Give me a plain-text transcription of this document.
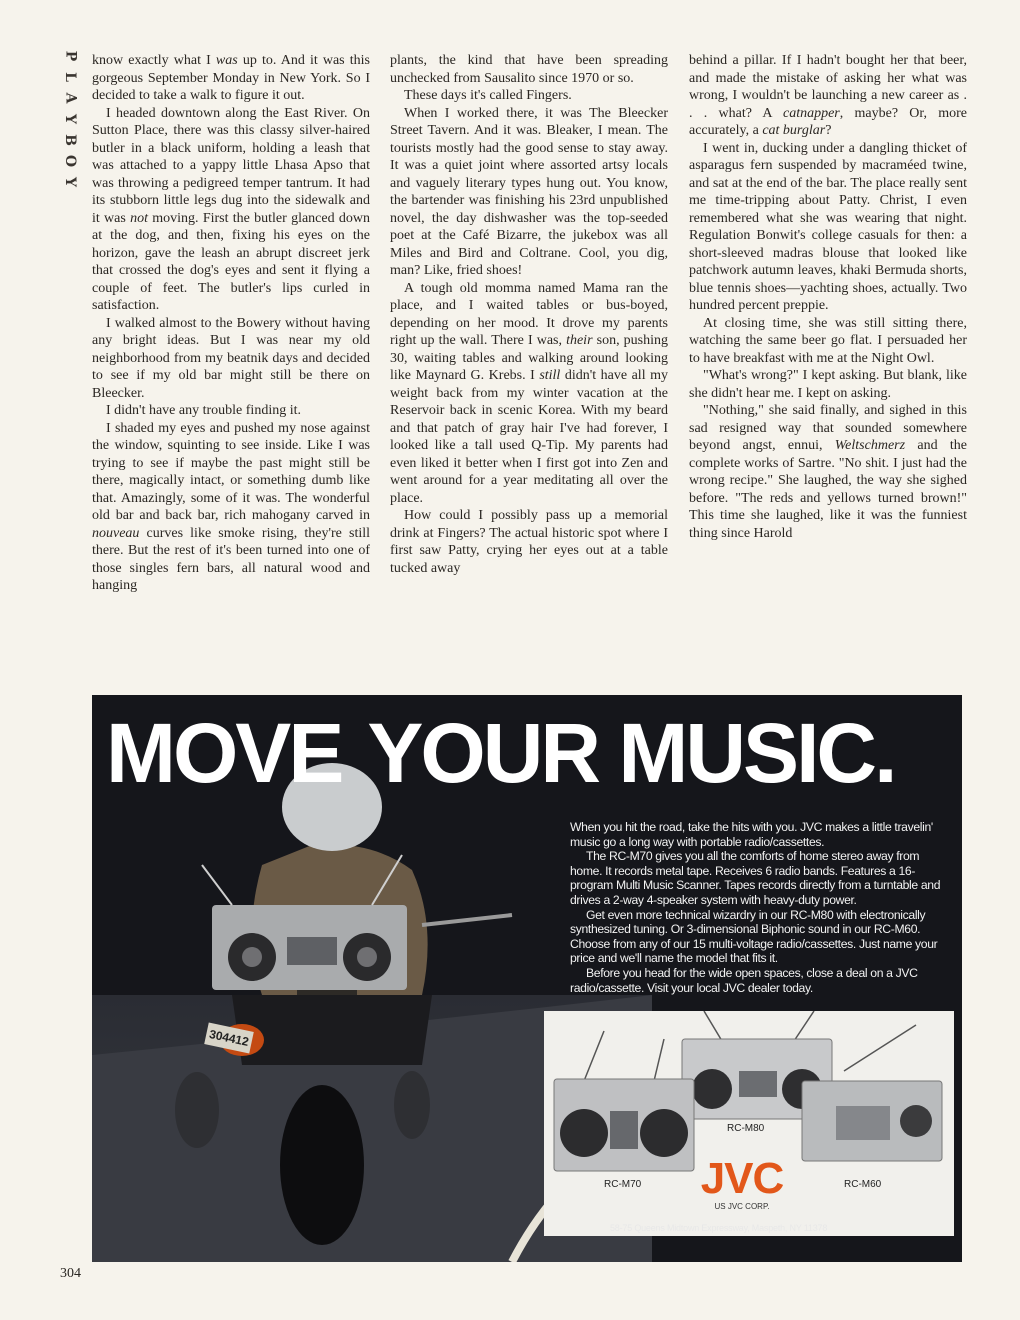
P
L
A
Y
B
O
Y

know exactly what I was up to. And it was this gorgeous September Monday in New York. So I decided to take a walk to figure it out.

I headed downtown along the East River. On Sutton Place, there was this classy silver-haired butler in a black uniform, holding a leash that was attached to a yappy little Lhasa Apso that was throwing a pedigreed temper tantrum. It had its stubborn little legs dug into the sidewalk and it was not moving. First the butler glanced down at the dog, and then, fixing his eyes on the horizon, gave the leash an abrupt discreet jerk that crossed the dog's eyes and sent it flying a couple of feet. The butler's lips curled in satisfaction.

I walked almost to the Bowery without having any bright ideas. But I was near my old neighborhood from my beatnik days and decided to see if my old bar might still be there on Bleecker.

I didn't have any trouble finding it.

I shaded my eyes and pushed my nose against the window, squinting to see inside. Like I was trying to see if maybe the past might still be there, magically intact, or something dumb like that. Amazingly, some of it was. The wonderful old bar and back bar, rich mahogany carved in nouveau curves like smoke rising, they're still there. But the rest of it's been turned into one of those singles fern bars, all natural wood and hanging

plants, the kind that have been spreading unchecked from Sausalito since 1970 or so.

These days it's called Fingers.

When I worked there, it was The Bleecker Street Tavern. And it was. Bleaker, I mean. The tourists mostly had the good sense to stay away. It was a quiet joint where assorted artsy locals and vaguely literary types hung out. You know, the bartender was finishing his 23rd unpublished novel, the day dishwasher was the top-seeded poet at the Café Bizarre, the jukebox was all Miles and Bird and Coltrane. Cool, you dig, man? Like, fried shoes!

A tough old momma named Mama ran the place, and I waited tables or bus-boyed, depending on her mood. It drove my parents right up the wall. There I was, their son, pushing 30, waiting tables and walking around looking like Maynard G. Krebs. I still didn't have all my weight back from my winter vacation at the Reservoir back in scenic Korea. With my beard and that patch of gray hair I've had forever, I looked like a tall used Q-Tip. My parents had even liked it better when I first got into Zen and went around for a year meditating all over the place.

How could I possibly pass up a memorial drink at Fingers? The actual historic spot where I first saw Patty, crying her eyes out at a table tucked away

behind a pillar. If I hadn't bought her that beer, and made the mistake of asking her what was wrong, I wouldn't be launching a new career as . . . what? A catnapper, maybe? Or, more accurately, a cat burglar?

I went in, ducking under a dangling thicket of asparagus fern suspended by macraméed twine, and sat at the end of the bar. The place really sent me time-tripping about Patty. Christ, I even remembered what she was wearing that night. Regulation Bonwit's college casuals for then: a short-sleeved madras blouse that looked like patchwork autumn leaves, khaki Bermuda shorts, blue tennis shoes—yachting shoes, actually. Two hundred percent preppie.

At closing time, she was still sitting there, watching the same beer go flat. I persuaded her to have breakfast with me at the Night Owl.

"What's wrong?" I kept asking. But blank, like she didn't hear me. I kept on asking.

"Nothing," she said finally, and sighed in this sad resigned way that sounded somewhere beyond angst, ennui, Weltschmerz and the complete works of Sartre. "No shit. I just had the wrong recipe." She laughed, the way she sighed before. "The reds and yellows turned brown!" This time she laughed, like it was the funniest thing since Harold

304412
MOVE YOUR MUSIC.

When you hit the road, take the hits with you. JVC makes a little travelin' music go a long way with portable radio/cassettes.

The RC-M70 gives you all the comforts of home stereo away from home. It records metal tape. Receives 6 radio bands. Features a 16-program Multi Music Scanner. Tapes records directly from a turntable and drives a 2-way 4-speaker system with heavy-duty power.

Get even more technical wizardry in our RC-M80 with electronically synthesized tuning. Or 3-dimensional Biphonic sound in our RC-M60. Choose from any of our 15 multi-voltage radio/cassettes. Just name your price and we'll name the model that fits it.

Before you head for the wide open spaces, close a deal on a JVC radio/cassette. Visit your local JVC dealer today.

RC-M70
RC-M80
RC-M60
JVC
US JVC CORP.
58-75 Queens Midtown Expressway, Maspeth, NY 11378
304
